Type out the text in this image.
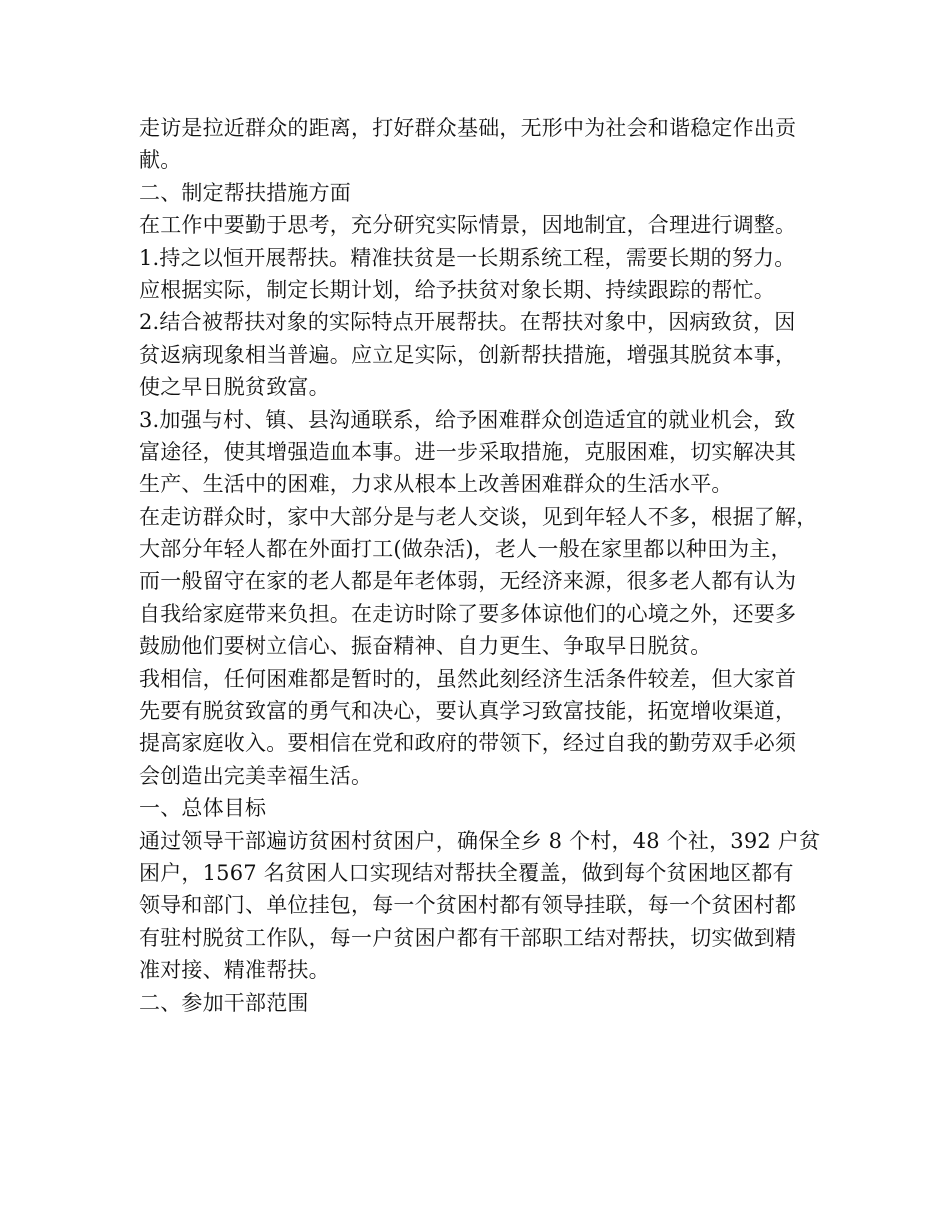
走访是拉近群众的距离，打好群众基础，无形中为社会和谐稳定作出贡
献。
二、制定帮扶措施方面
在工作中要勤于思考，充分研究实际情景，因地制宜，合理进行调整。
1.持之以恒开展帮扶。精准扶贫是一长期系统工程，需要长期的努力。
应根据实际，制定长期计划，给予扶贫对象长期、持续跟踪的帮忙。
2.结合被帮扶对象的实际特点开展帮扶。在帮扶对象中，因病致贫，因
贫返病现象相当普遍。应立足实际，创新帮扶措施，增强其脱贫本事，
使之早日脱贫致富。
3.加强与村、镇、县沟通联系，给予困难群众创造适宜的就业机会，致
富途径，使其增强造血本事。进一步采取措施，克服困难，切实解决其
生产、生活中的困难，力求从根本上改善困难群众的生活水平。
在走访群众时，家中大部分是与老人交谈，见到年轻人不多，根据了解，
大部分年轻人都在外面打工(做杂活)，老人一般在家里都以种田为主，
而一般留守在家的老人都是年老体弱，无经济来源，很多老人都有认为
自我给家庭带来负担。在走访时除了要多体谅他们的心境之外，还要多
鼓励他们要树立信心、振奋精神、自力更生、争取早日脱贫。
我相信，任何困难都是暂时的，虽然此刻经济生活条件较差，但大家首
先要有脱贫致富的勇气和决心，要认真学习致富技能，拓宽增收渠道，
提高家庭收入。要相信在党和政府的带领下，经过自我的勤劳双手必须
会创造出完美幸福生活。
一、总体目标
通过领导干部遍访贫困村贫困户，确保全乡 8 个村，48 个社，392 户贫
困户，1567 名贫困人口实现结对帮扶全覆盖，做到每个贫困地区都有
领导和部门、单位挂包，每一个贫困村都有领导挂联，每一个贫困村都
有驻村脱贫工作队，每一户贫困户都有干部职工结对帮扶，切实做到精
准对接、精准帮扶。
二、参加干部范围
